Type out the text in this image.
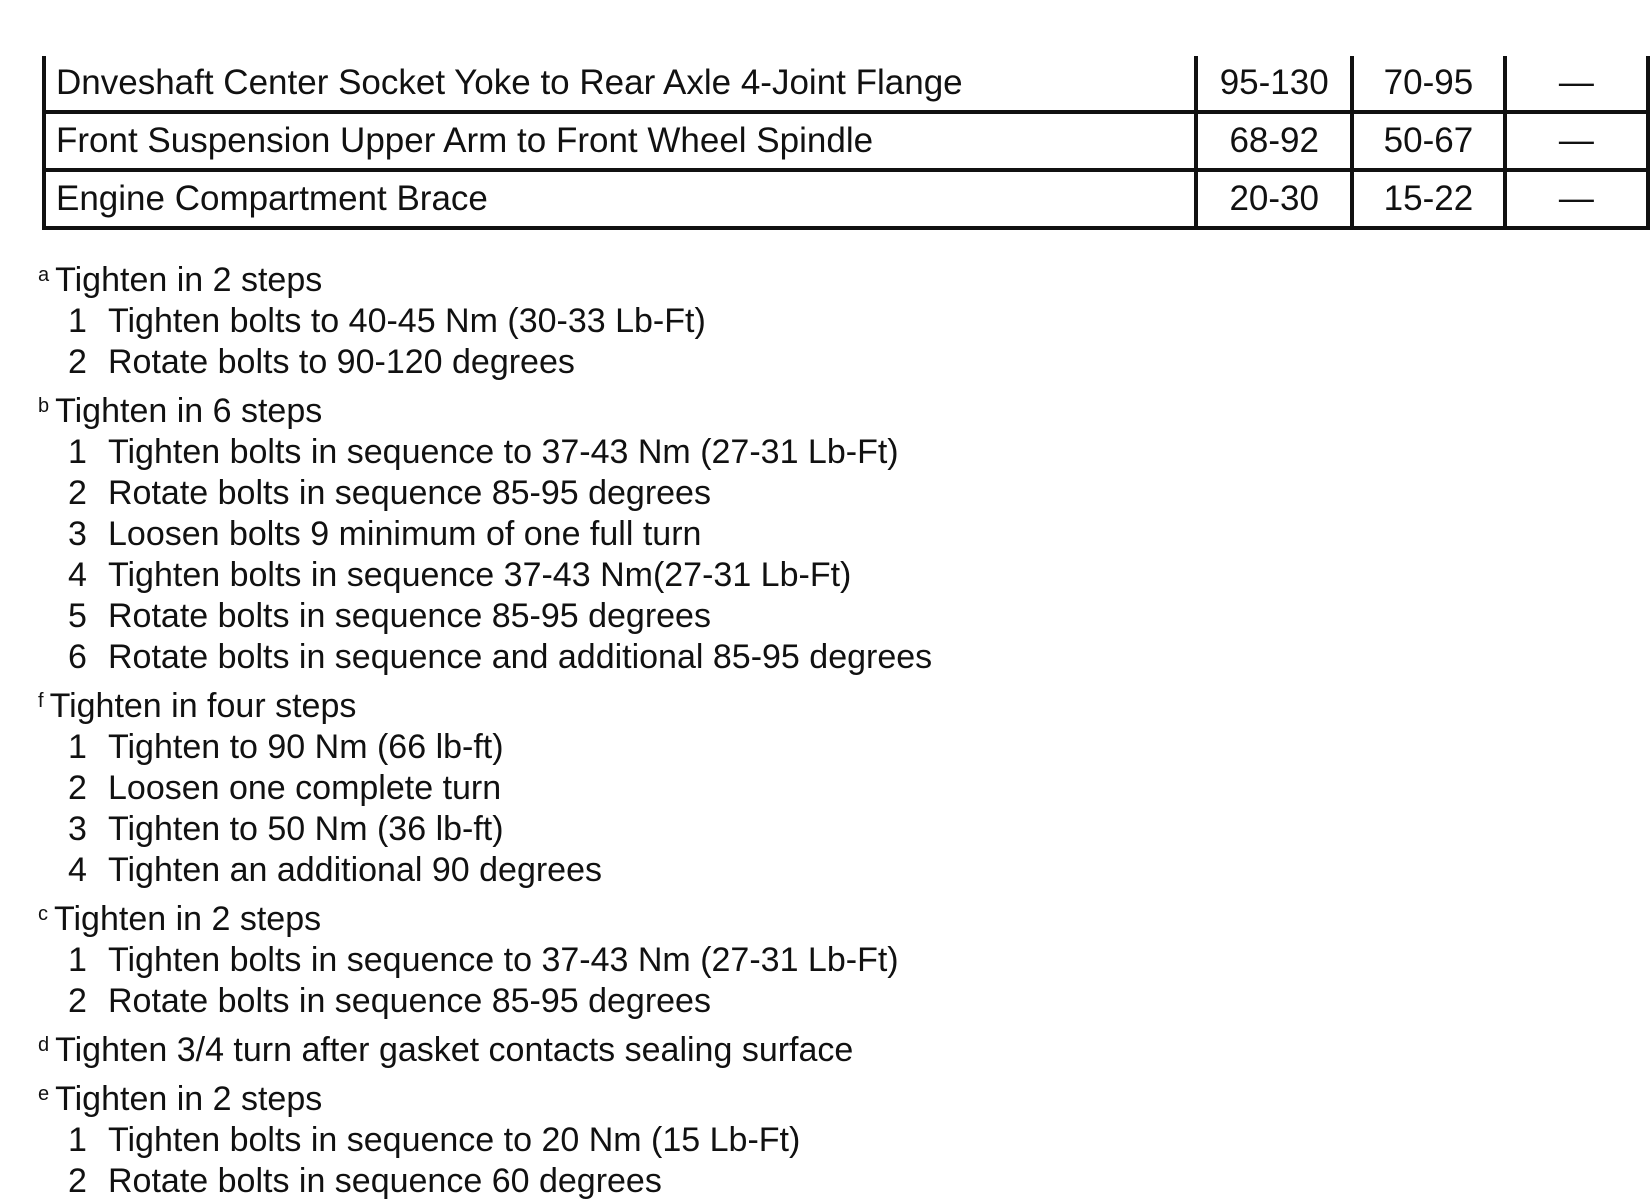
Dnveshaft Center Socket Yoke to Rear Axle 4-Joint Flange	95-130	70-95	—
Front Suspension Upper Arm to Front Wheel Spindle	68-92	50-67	—
Engine Compartment Brace	20-30	15-22	—
$^a$ Tighten in 2 steps
1 Tighten bolts to 40-45 Nm (30-33 Lb-Ft)
2 Rotate bolts to 90-120 degrees
$^b$ Tighten in 6 steps
1 Tighten bolts in sequence to 37-43 Nm (27-31 Lb-Ft)
2 Rotate bolts in sequence 85-95 degrees
3 Loosen bolts 9 minimum of one full turn
4 Tighten bolts in sequence 37-43 Nm(27-31 Lb-Ft)
5 Rotate bolts in sequence 85-95 degrees
6 Rotate bolts in sequence and additional 85-95 degrees
$^f$ Tighten in four steps
1 Tighten to 90 Nm (66 lb-ft)
2 Loosen one complete turn
3 Tighten to 50 Nm (36 lb-ft)
4 Tighten an additional 90 degrees
$^c$ Tighten in 2 steps
1 Tighten bolts in sequence to 37-43 Nm (27-31 Lb-Ft)
2 Rotate bolts in sequence 85-95 degrees
$^d$ Tighten 3/4 turn after gasket contacts sealing surface
$^e$ Tighten in 2 steps
1 Tighten bolts in sequence to 20 Nm (15 Lb-Ft)
2 Rotate bolts in sequence 60 degrees
